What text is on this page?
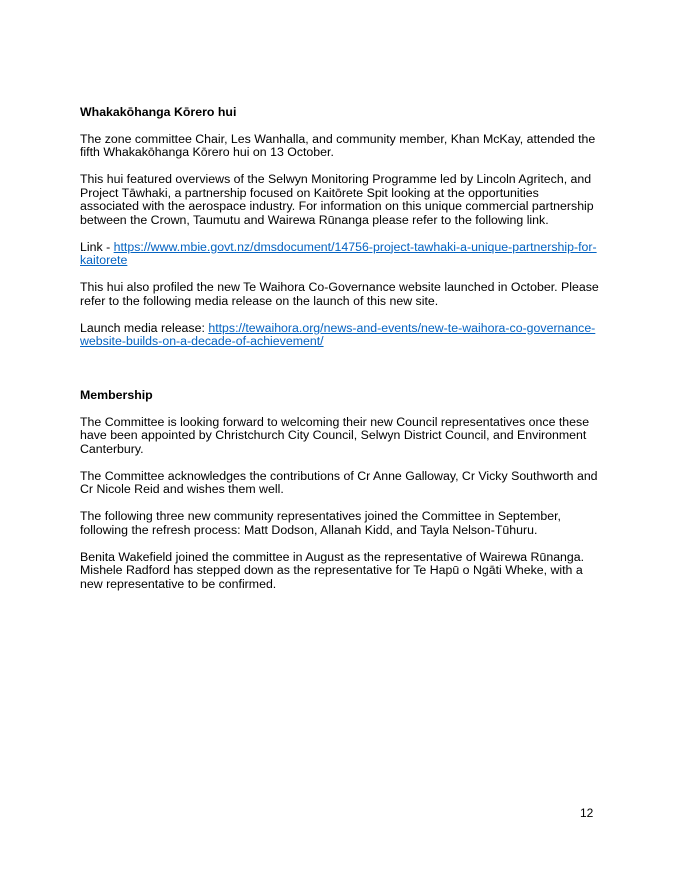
Whakakōhanga Kōrero hui

The zone committee Chair, Les Wanhalla, and community member, Khan McKay, attended the fifth Whakakōhanga Kōrero hui on 13 October.

This hui featured overviews of the Selwyn Monitoring Programme led by Lincoln Agritech, and Project Tāwhaki, a partnership focused on Kaitōrete Spit looking at the opportunities associated with the aerospace industry. For information on this unique commercial partnership between the Crown, Taumutu and Wairewa Rūnanga please refer to the following link.

Link - https://www.mbie.govt.nz/dmsdocument/14756-project-tawhaki-a-unique-partnership-for-kaitorete

This hui also profiled the new Te Waihora Co-Governance website launched in October. Please refer to the following media release on the launch of this new site.

Launch media release: https://tewaihora.org/news-and-events/new-te-waihora-co-governance-website-builds-on-a-decade-of-achievement/

Membership

The Committee is looking forward to welcoming their new Council representatives once these have been appointed by Christchurch City Council, Selwyn District Council, and Environment Canterbury.

The Committee acknowledges the contributions of Cr Anne Galloway, Cr Vicky Southworth and Cr Nicole Reid and wishes them well.

The following three new community representatives joined the Committee in September, following the refresh process: Matt Dodson, Allanah Kidd, and Tayla Nelson-Tūhuru.

Benita Wakefield joined the committee in August as the representative of Wairewa Rūnanga. Mishele Radford has stepped down as the representative for Te Hapū o Ngāti Wheke, with a new representative to be confirmed.

12
